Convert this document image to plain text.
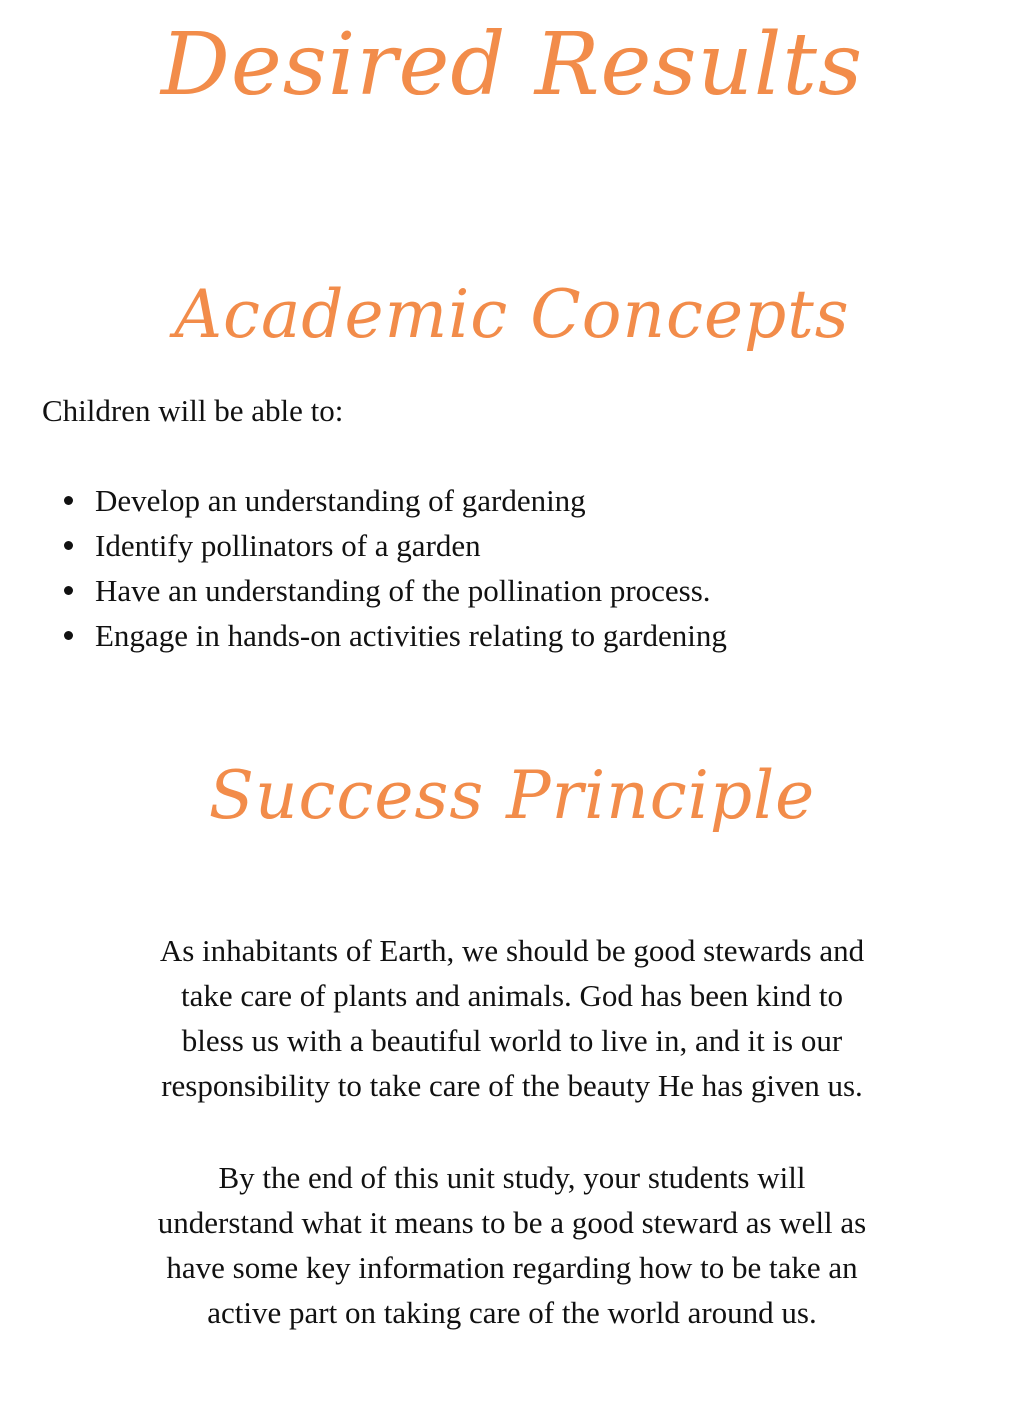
Desired Results
Academic Concepts

Children will be able to:

Develop an understanding of gardening
Identify pollinators of a garden
Have an understanding of the pollination process.
Engage in hands-on activities relating to gardening
Success Principle

As inhabitants of Earth, we should be good stewards and
take care of plants and animals. God has been kind to
bless us with a beautiful world to live in, and it is our
responsibility to take care of the beauty He has given us.

By the end of this unit study, your students will
understand what it means to be a good steward as well as
have some key information regarding how to be take an
active part on taking care of the world around us.
